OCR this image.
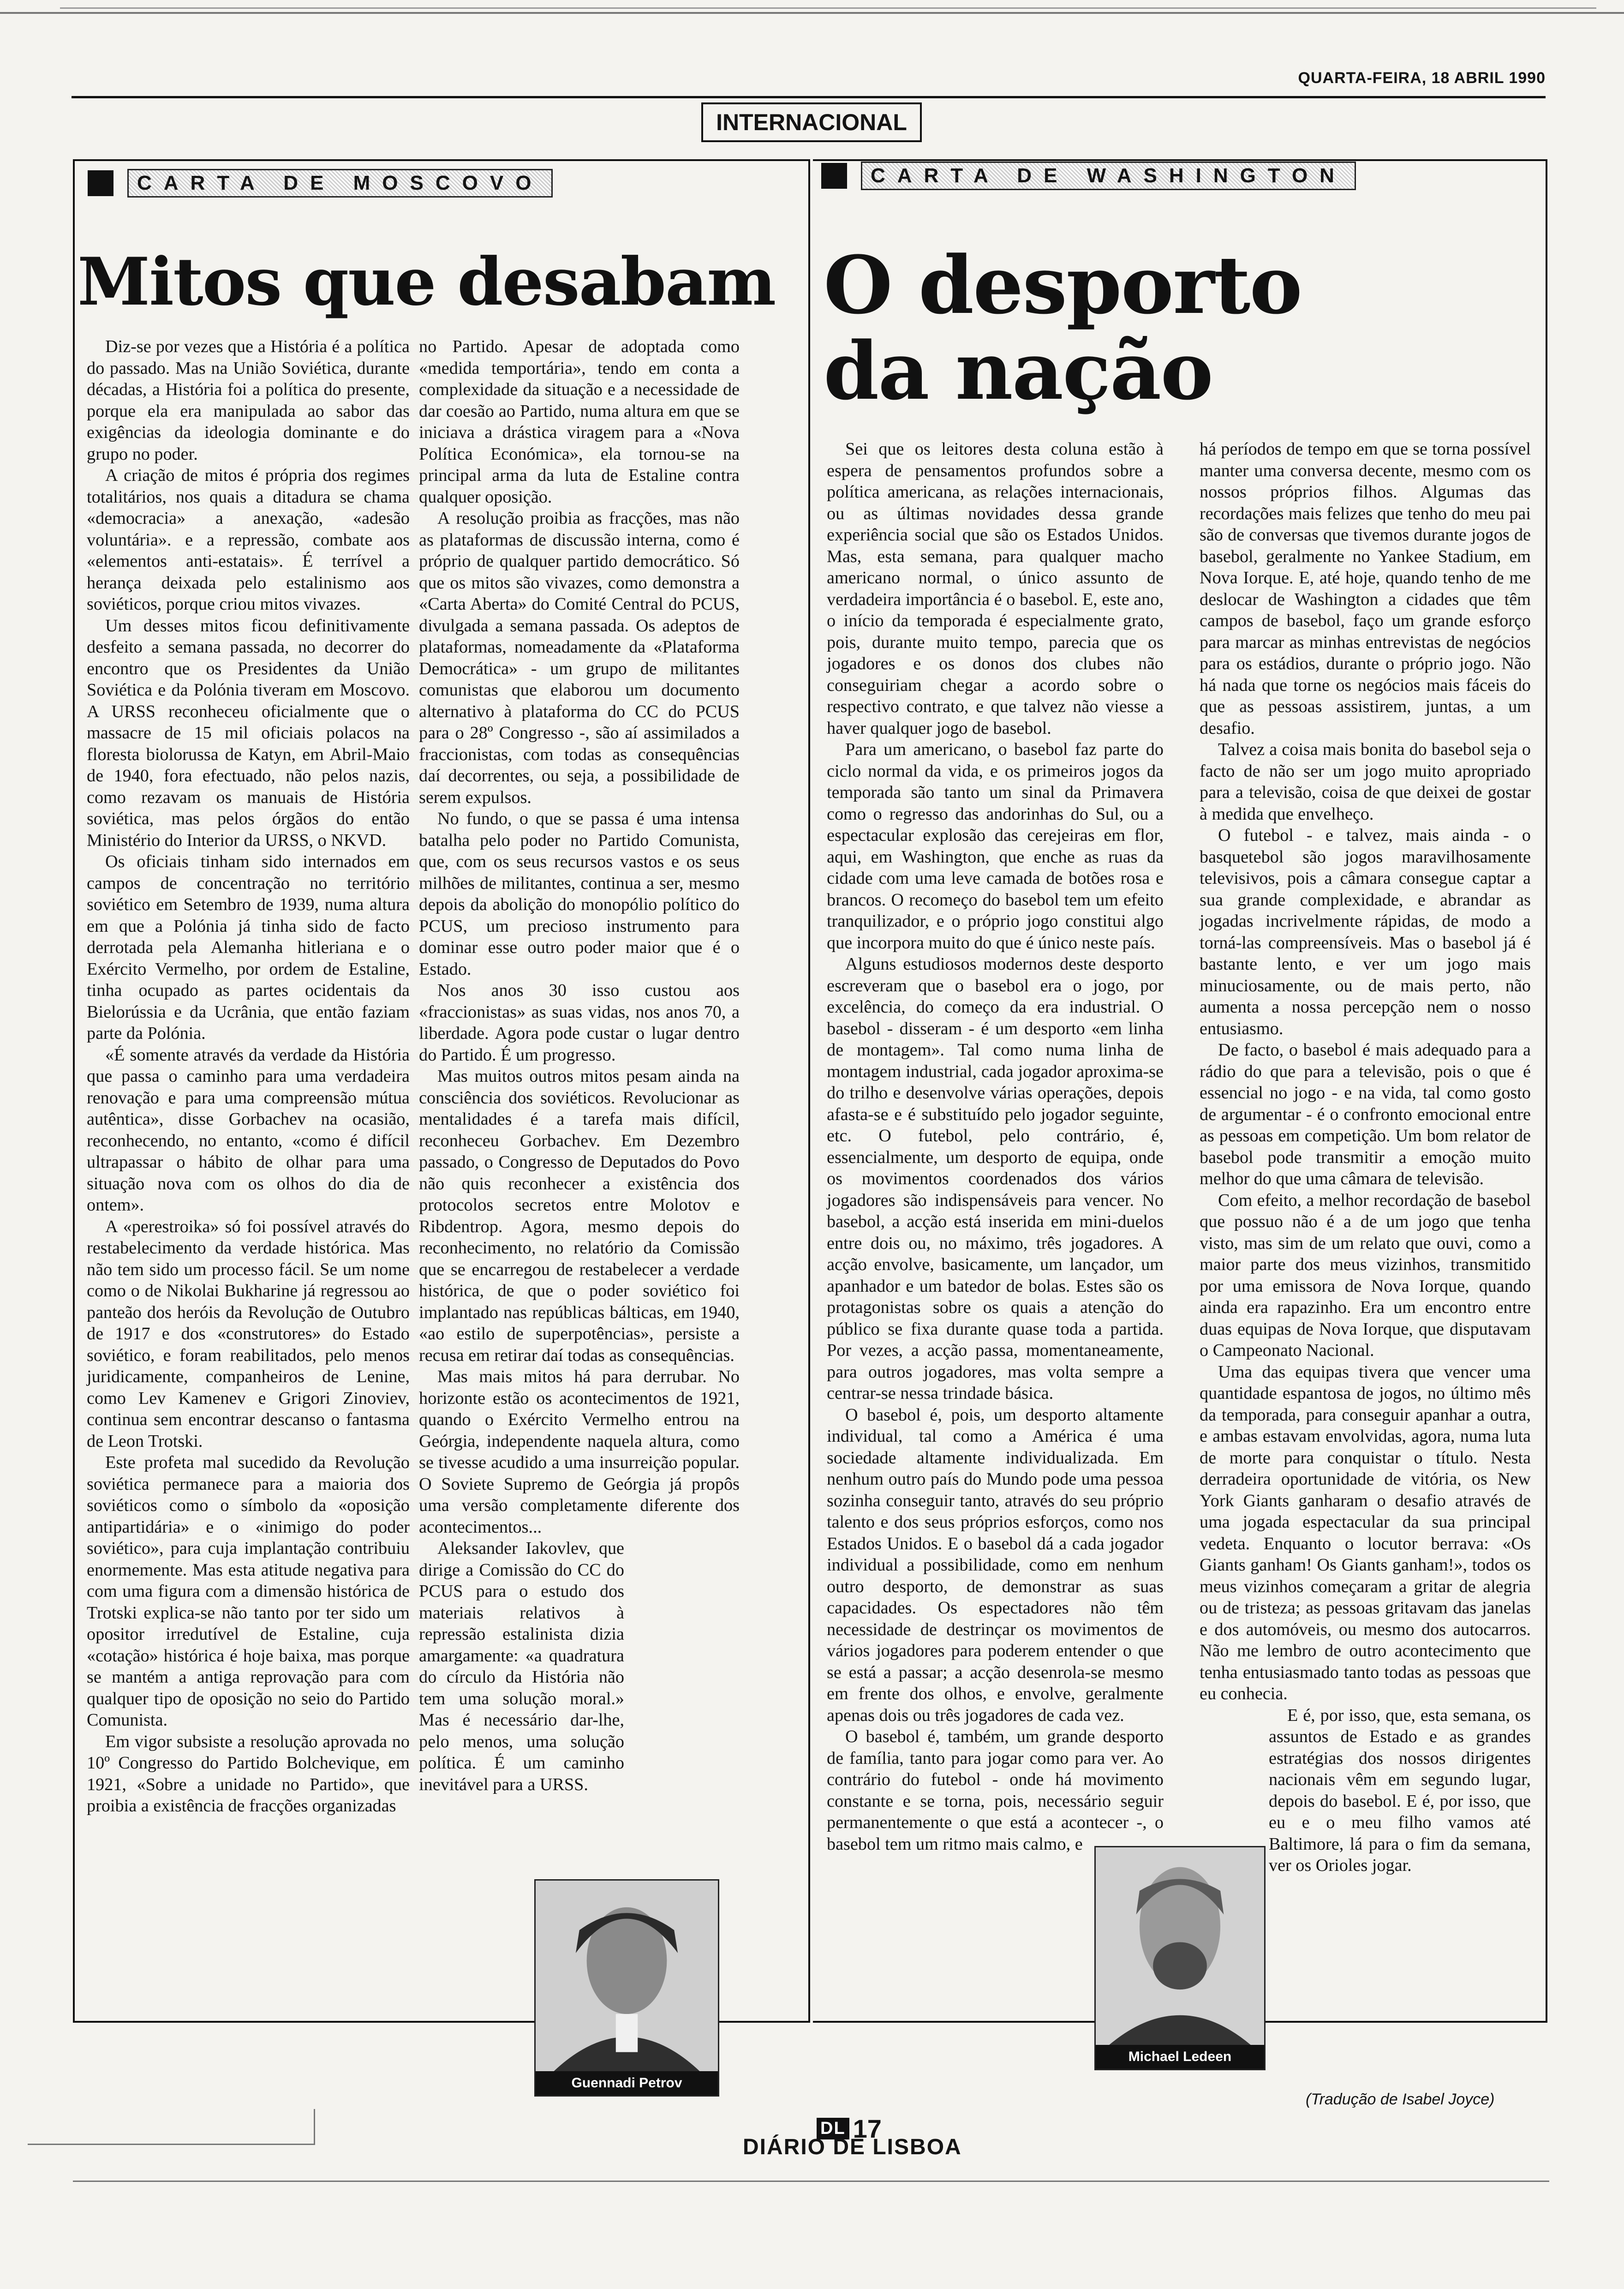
QUARTA-FEIRA, 18 ABRIL 1990
INTERNACIONAL
CARTA DE MOSCOVO	CARTA DE WASHINGTON
Mitos que desabam O desporto
da nação

Diz-se por vezes que a História é a política do passado. Mas na União Soviética, durante décadas, a História foi a política do presente, porque ela era manipulada ao sabor das exigências da ideologia dominante e do grupo no poder.

A criação de mitos é própria dos regimes totalitários, nos quais a ditadura se chama «democracia» a anexação, «adesão voluntária». e a repressão, combate aos «elementos anti-estatais». É terrível a herança deixada pelo estalinismo aos soviéticos, porque criou mitos vivazes.

Um desses mitos ficou definitivamente desfeito a semana passada, no decorrer do encontro que os Presidentes da União Soviética e da Polónia tiveram em Moscovo. A URSS reconheceu oficialmente que o massacre de 15 mil oficiais polacos na floresta biolorussa de Katyn, em Abril-Maio de 1940, fora efectuado, não pelos nazis, como rezavam os manuais de História soviética, mas pelos órgãos do então Ministério do Interior da URSS, o NKVD.

Os oficiais tinham sido internados em campos de concentração no território soviético em Setembro de 1939, numa altura em que a Polónia já tinha sido de facto derrotada pela Alemanha hitleriana e o Exército Vermelho, por ordem de Estaline, tinha ocupado as partes ocidentais da Bielorússia e da Ucrânia, que então faziam parte da Polónia.

«É somente através da verdade da História que passa o caminho para uma verdadeira renovação e para uma compreensão mútua autêntica», disse Gorbachev na ocasião, reconhecendo, no entanto, «como é difícil ultrapassar o hábito de olhar para uma situação nova com os olhos do dia de ontem».

A «perestroika» só foi possível através do restabelecimento da verdade histórica. Mas não tem sido um processo fácil. Se um nome como o de Nikolai Bukharine já regressou ao panteão dos heróis da Revolução de Outubro de 1917 e dos «construtores» do Estado soviético, e foram reabilitados, pelo menos juridicamente, companheiros de Lenine, como Lev Kamenev e Grigori Zinoviev, continua sem encontrar descanso o fantasma de Leon Trotski.

Este profeta mal sucedido da Revolução soviética permanece para a maioria dos soviéticos como o símbolo da «oposição antipartidária» e o «inimigo do poder soviético», para cuja implantação contribuiu enormemente. Mas esta atitude negativa para com uma figura com a dimensão histórica de Trotski explica-se não tanto por ter sido um opositor irredutível de Estaline, cuja «cotação» histórica é hoje baixa, mas porque se mantém a antiga reprovação para com qualquer tipo de oposição no seio do Partido Comunista.

Em vigor subsiste a resolução aprovada no 10º Congresso do Partido Bolchevique, em 1921, «Sobre a unidade no Partido», que proibia a existência de fracções organizadas

no Partido. Apesar de adoptada como «medida temportária», tendo em conta a complexidade da situação e a necessidade de dar coesão ao Partido, numa altura em que se iniciava a drástica viragem para a «Nova Política Económica», ela tornou-se na principal arma da luta de Estaline contra qualquer oposição.

A resolução proibia as fracções, mas não as plataformas de discussão interna, como é próprio de qualquer partido democrático. Só que os mitos são vivazes, como demonstra a «Carta Aberta» do Comité Central do PCUS, divulgada a semana passada. Os adeptos de plataformas, nomeadamente da «Plataforma Democrática» - um grupo de militantes comunistas que elaborou um documento alternativo à plataforma do CC do PCUS para o 28º Congresso -, são aí assimilados a fraccionistas, com todas as consequências daí decorrentes, ou seja, a possibilidade de serem expulsos.

No fundo, o que se passa é uma intensa batalha pelo poder no Partido Comunista, que, com os seus recursos vastos e os seus milhões de militantes, continua a ser, mesmo depois da abolição do monopólio político do PCUS, um precioso instrumento para dominar esse outro poder maior que é o Estado.

Nos anos 30 isso custou aos «fraccionistas» as suas vidas, nos anos 70, a liberdade. Agora pode custar o lugar dentro do Partido. É um progresso.

Mas muitos outros mitos pesam ainda na consciência dos soviéticos. Revolucionar as mentalidades é a tarefa mais difícil, reconheceu Gorbachev. Em Dezembro passado, o Congresso de Deputados do Povo não quis reconhecer a existência dos protocolos secretos entre Molotov e Ribdentrop. Agora, mesmo depois do reconhecimento, no relatório da Comissão que se encarregou de restabelecer a verdade histórica, de que o poder soviético foi implantado nas repúblicas bálticas, em 1940, «ao estilo de superpotências», persiste a recusa em retirar daí todas as consequências.

Mas mais mitos há para derrubar. No horizonte estão os acontecimentos de 1921, quando o Exército Vermelho entrou na Geórgia, independente naquela altura, como se tivesse acudido a uma insurreição popular. O Soviete Supremo de Geórgia já propôs uma versão completamente diferente dos acontecimentos...

Aleksander Iakovlev, que dirige a Comissão do CC do PCUS para o estudo dos materiais relativos à repressão estalinista dizia amargamente: «a quadratura do círculo da História não tem uma solução moral.» Mas é necessário dar-lhe, pelo menos, uma solução política. É um caminho inevitável para a URSS.

Guennadi Petrov

Sei que os leitores desta coluna estão à espera de pensamentos profundos sobre a política americana, as relações internacionais, ou as últimas novidades dessa grande experiência social que são os Estados Unidos. Mas, esta semana, para qualquer macho americano normal, o único assunto de verdadeira importância é o basebol. E, este ano, o início da temporada é especialmente grato, pois, durante muito tempo, parecia que os jogadores e os donos dos clubes não conseguiriam chegar a acordo sobre o respectivo contrato, e que talvez não viesse a haver qualquer jogo de basebol.

Para um americano, o basebol faz parte do ciclo normal da vida, e os primeiros jogos da temporada são tanto um sinal da Primavera como o regresso das andorinhas do Sul, ou a espectacular explosão das cerejeiras em flor, aqui, em Washington, que enche as ruas da cidade com uma leve camada de botões rosa e brancos. O recomeço do basebol tem um efeito tranquilizador, e o próprio jogo constitui algo que incorpora muito do que é único neste país.

Alguns estudiosos modernos deste desporto escreveram que o basebol era o jogo, por excelência, do começo da era industrial. O basebol - disseram - é um desporto «em linha de montagem». Tal como numa linha de montagem industrial, cada jogador aproxima-se do trilho e desenvolve várias operações, depois afasta-se e é substituído pelo jogador seguinte, etc. O futebol, pelo contrário, é, essencialmente, um desporto de equipa, onde os movimentos coordenados dos vários jogadores são indispensáveis para vencer. No basebol, a acção está inserida em mini-duelos entre dois ou, no máximo, três jogadores. A acção envolve, basicamente, um lançador, um apanhador e um batedor de bolas. Estes são os protagonistas sobre os quais a atenção do público se fixa durante quase toda a partida. Por vezes, a acção passa, momentaneamente, para outros jogadores, mas volta sempre a centrar-se nessa trindade básica.

O basebol é, pois, um desporto altamente individual, tal como a América é uma sociedade altamente individualizada. Em nenhum outro país do Mundo pode uma pessoa sozinha conseguir tanto, através do seu próprio talento e dos seus próprios esforços, como nos Estados Unidos. E o basebol dá a cada jogador individual a possibilidade, como em nenhum outro desporto, de demonstrar as suas capacidades. Os espectadores não têm necessidade de destrinçar os movimentos de vários jogadores para poderem entender o que se está a passar; a acção desenrola-se mesmo em frente dos olhos, e envolve, geralmente apenas dois ou três jogadores de cada vez.

O basebol é, também, um grande desporto de família, tanto para jogar como para ver. Ao contrário do futebol - onde há movimento constante e se torna, pois, necessário seguir permanentemente o que está a acontecer -, o basebol tem um ritmo mais calmo, e

há períodos de tempo em que se torna possível manter uma conversa decente, mesmo com os nossos próprios filhos. Algumas das recordações mais felizes que tenho do meu pai são de conversas que tivemos durante jogos de basebol, geralmente no Yankee Stadium, em Nova Iorque. E, até hoje, quando tenho de me deslocar de Washington a cidades que têm campos de basebol, faço um grande esforço para marcar as minhas entrevistas de negócios para os estádios, durante o próprio jogo. Não há nada que torne os negócios mais fáceis do que as pessoas assistirem, juntas, a um desafio.

Talvez a coisa mais bonita do basebol seja o facto de não ser um jogo muito apropriado para a televisão, coisa de que deixei de gostar à medida que envelheço.

O futebol - e talvez, mais ainda - o basquetebol são jogos maravilhosamente televisivos, pois a câmara consegue captar a sua grande complexidade, e abrandar as jogadas incrivelmente rápidas, de modo a torná-las compreensíveis. Mas o basebol já é bastante lento, e ver um jogo mais minuciosamente, ou de mais perto, não aumenta a nossa percepção nem o nosso entusiasmo.

De facto, o basebol é mais adequado para a rádio do que para a televisão, pois o que é essencial no jogo - e na vida, tal como gosto de argumentar - é o confronto emocional entre as pessoas em competição. Um bom relator de basebol pode transmitir a emoção muito melhor do que uma câmara de televisão.

Com efeito, a melhor recordação de basebol que possuo não é a de um jogo que tenha visto, mas sim de um relato que ouvi, como a maior parte dos meus vizinhos, transmitido por uma emissora de Nova Iorque, quando ainda era rapazinho. Era um encontro entre duas equipas de Nova Iorque, que disputavam o Campeonato Nacional.

Uma das equipas tivera que vencer uma quantidade espantosa de jogos, no último mês da temporada, para conseguir apanhar a outra, e ambas estavam envolvidas, agora, numa luta de morte para conquistar o título. Nesta derradeira oportunidade de vitória, os New York Giants ganharam o desafio através de uma jogada espectacular da sua principal vedeta. Enquanto o locutor berrava: «Os Giants ganham! Os Giants ganham!», todos os meus vizinhos começaram a gritar de alegria ou de tristeza; as pessoas gritavam das janelas e dos automóveis, ou mesmo dos autocarros. Não me lembro de outro acontecimento que tenha entusiasmado tanto todas as pessoas que eu conhecia.

E é, por isso, que, esta semana, os assuntos de Estado e as grandes estratégias dos nossos dirigentes nacionais vêm em segundo lugar, depois do basebol. E é, por isso, que eu e o meu filho vamos até Baltimore, lá para o fim da semana, ver os Orioles jogar.

Michael Ledeen
(Tradução de Isabel Joyce)
DL 17
DIÁRIO DE LISBOA
